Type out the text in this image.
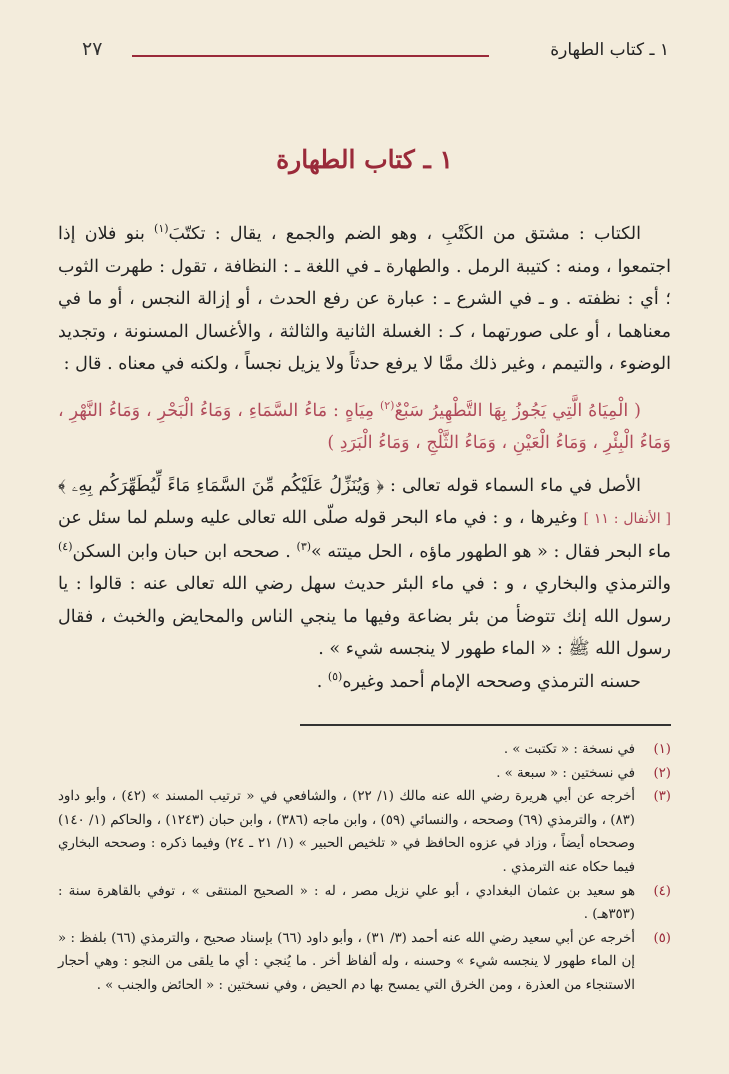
٢٧	١ ـ كتاب الطهارة
١ ـ كتاب الطهارة

الكتاب : مشتق من الكَتْبِ ، وهو الضم والجمع ، يقال : تكتّبَ$^{(١)}$ بنو فلان إذا اجتمعوا ، ومنه : كتيبة الرمل . والطهارة ـ في اللغة ـ : النظافة ، تقول : طهرت الثوب ؛ أي : نظفته . و ـ في الشرع ـ : عبارة عن رفع الحدث ، أو إزالة النجس ، أو ما في معناهما ، أو على صورتهما ، كـ : الغسلة الثانية والثالثة ، والأغسال المسنونة ، وتجديد الوضوء ، والتيمم ، وغير ذلك ممَّا لا يرفع حدثاً ولا يزيل نجساً ، ولكنه في معناه . قال :

( الْمِيَاهُ الَّتِي يَجُوزُ بِهَا التَّطْهِيرُ سَبْعٌ$^{(٢)}$ مِيَاهٍ : مَاءُ السَّمَاءِ ، وَمَاءُ الْبَحْرِ ، وَمَاءُ النَّهْرِ ، وَمَاءُ الْبِئْرِ ، وَمَاءُ الْعَيْنِ ، وَمَاءُ الثَّلْجِ ، وَمَاءُ الْبَرَدِ )

الأصل في ماء السماء قوله تعالى : ﴿ وَيُنَزِّلُ عَلَيْكُم مِّنَ السَّمَاءِ مَاءً لِّيُطَهِّرَكُم بِهِۦ ﴾ [ الأنفال : ١١ ] وغيرها ، و : في ماء البحر قوله صلّى الله تعالى عليه وسلم لما سئل عن ماء البحر فقال : « هو الطهور ماؤه ، الحل ميتته »$^{(٣)}$ . صححه ابن حبان وابن السكن$^{(٤)}$ والترمذي والبخاري ، و : في ماء البئر حديث سهل رضي الله تعالى عنه : قالوا : يا رسول الله إنك تتوضأ من بئر بضاعة وفيها ما ينجي الناس والمحايض والخبث ، فقال رسول الله ﷺ : « الماء طهور لا ينجسه شيء » .

حسنه الترمذي وصححه الإمام أحمد وغيره$^{(٥)}$ .

(١)
في نسخة : « تكتبت » .
(٢)
في نسختين : « سبعة » .
(٣)
أخرجه عن أبي هريرة رضي الله عنه مالك (١/ ٢٢) ، والشافعي في « ترتيب المسند » (٤٢) ، وأبو داود (٨٣) ، والترمذي (٦٩) وصححه ، والنسائي (٥٩) ، وابن ماجه (٣٨٦) ، وابن حبان (١٢٤٣) ، والحاكم (١/ ١٤٠) وصححاه أيضاً ، وزاد في عزوه الحافظ في « تلخيص الحبير » (١/ ٢١ ـ ٢٤) وفيما ذكره : وصححه البخاري فيما حكاه عنه الترمذي .
(٤)
هو سعيد بن عثمان البغدادي ، أبو علي نزيل مصر ، له : « الصحيح المنتقى » ، توفي بالقاهرة سنة : (٣٥٣هـ) .
(٥)
أخرجه عن أبي سعيد رضي الله عنه أحمد (٣/ ٣١) ، وأبو داود (٦٦) بإسناد صحيح ، والترمذي (٦٦) بلفظ : « إن الماء طهور لا ينجسه شيء » وحسنه ، وله ألفاظ أخر . ما يُنجي : أي ما يلقى من النجو : وهي أحجار الاستنجاء من العذرة ، ومن الخرق التي يمسح بها دم الحيض ، وفي نسختين : « الحائض والجنب » .
